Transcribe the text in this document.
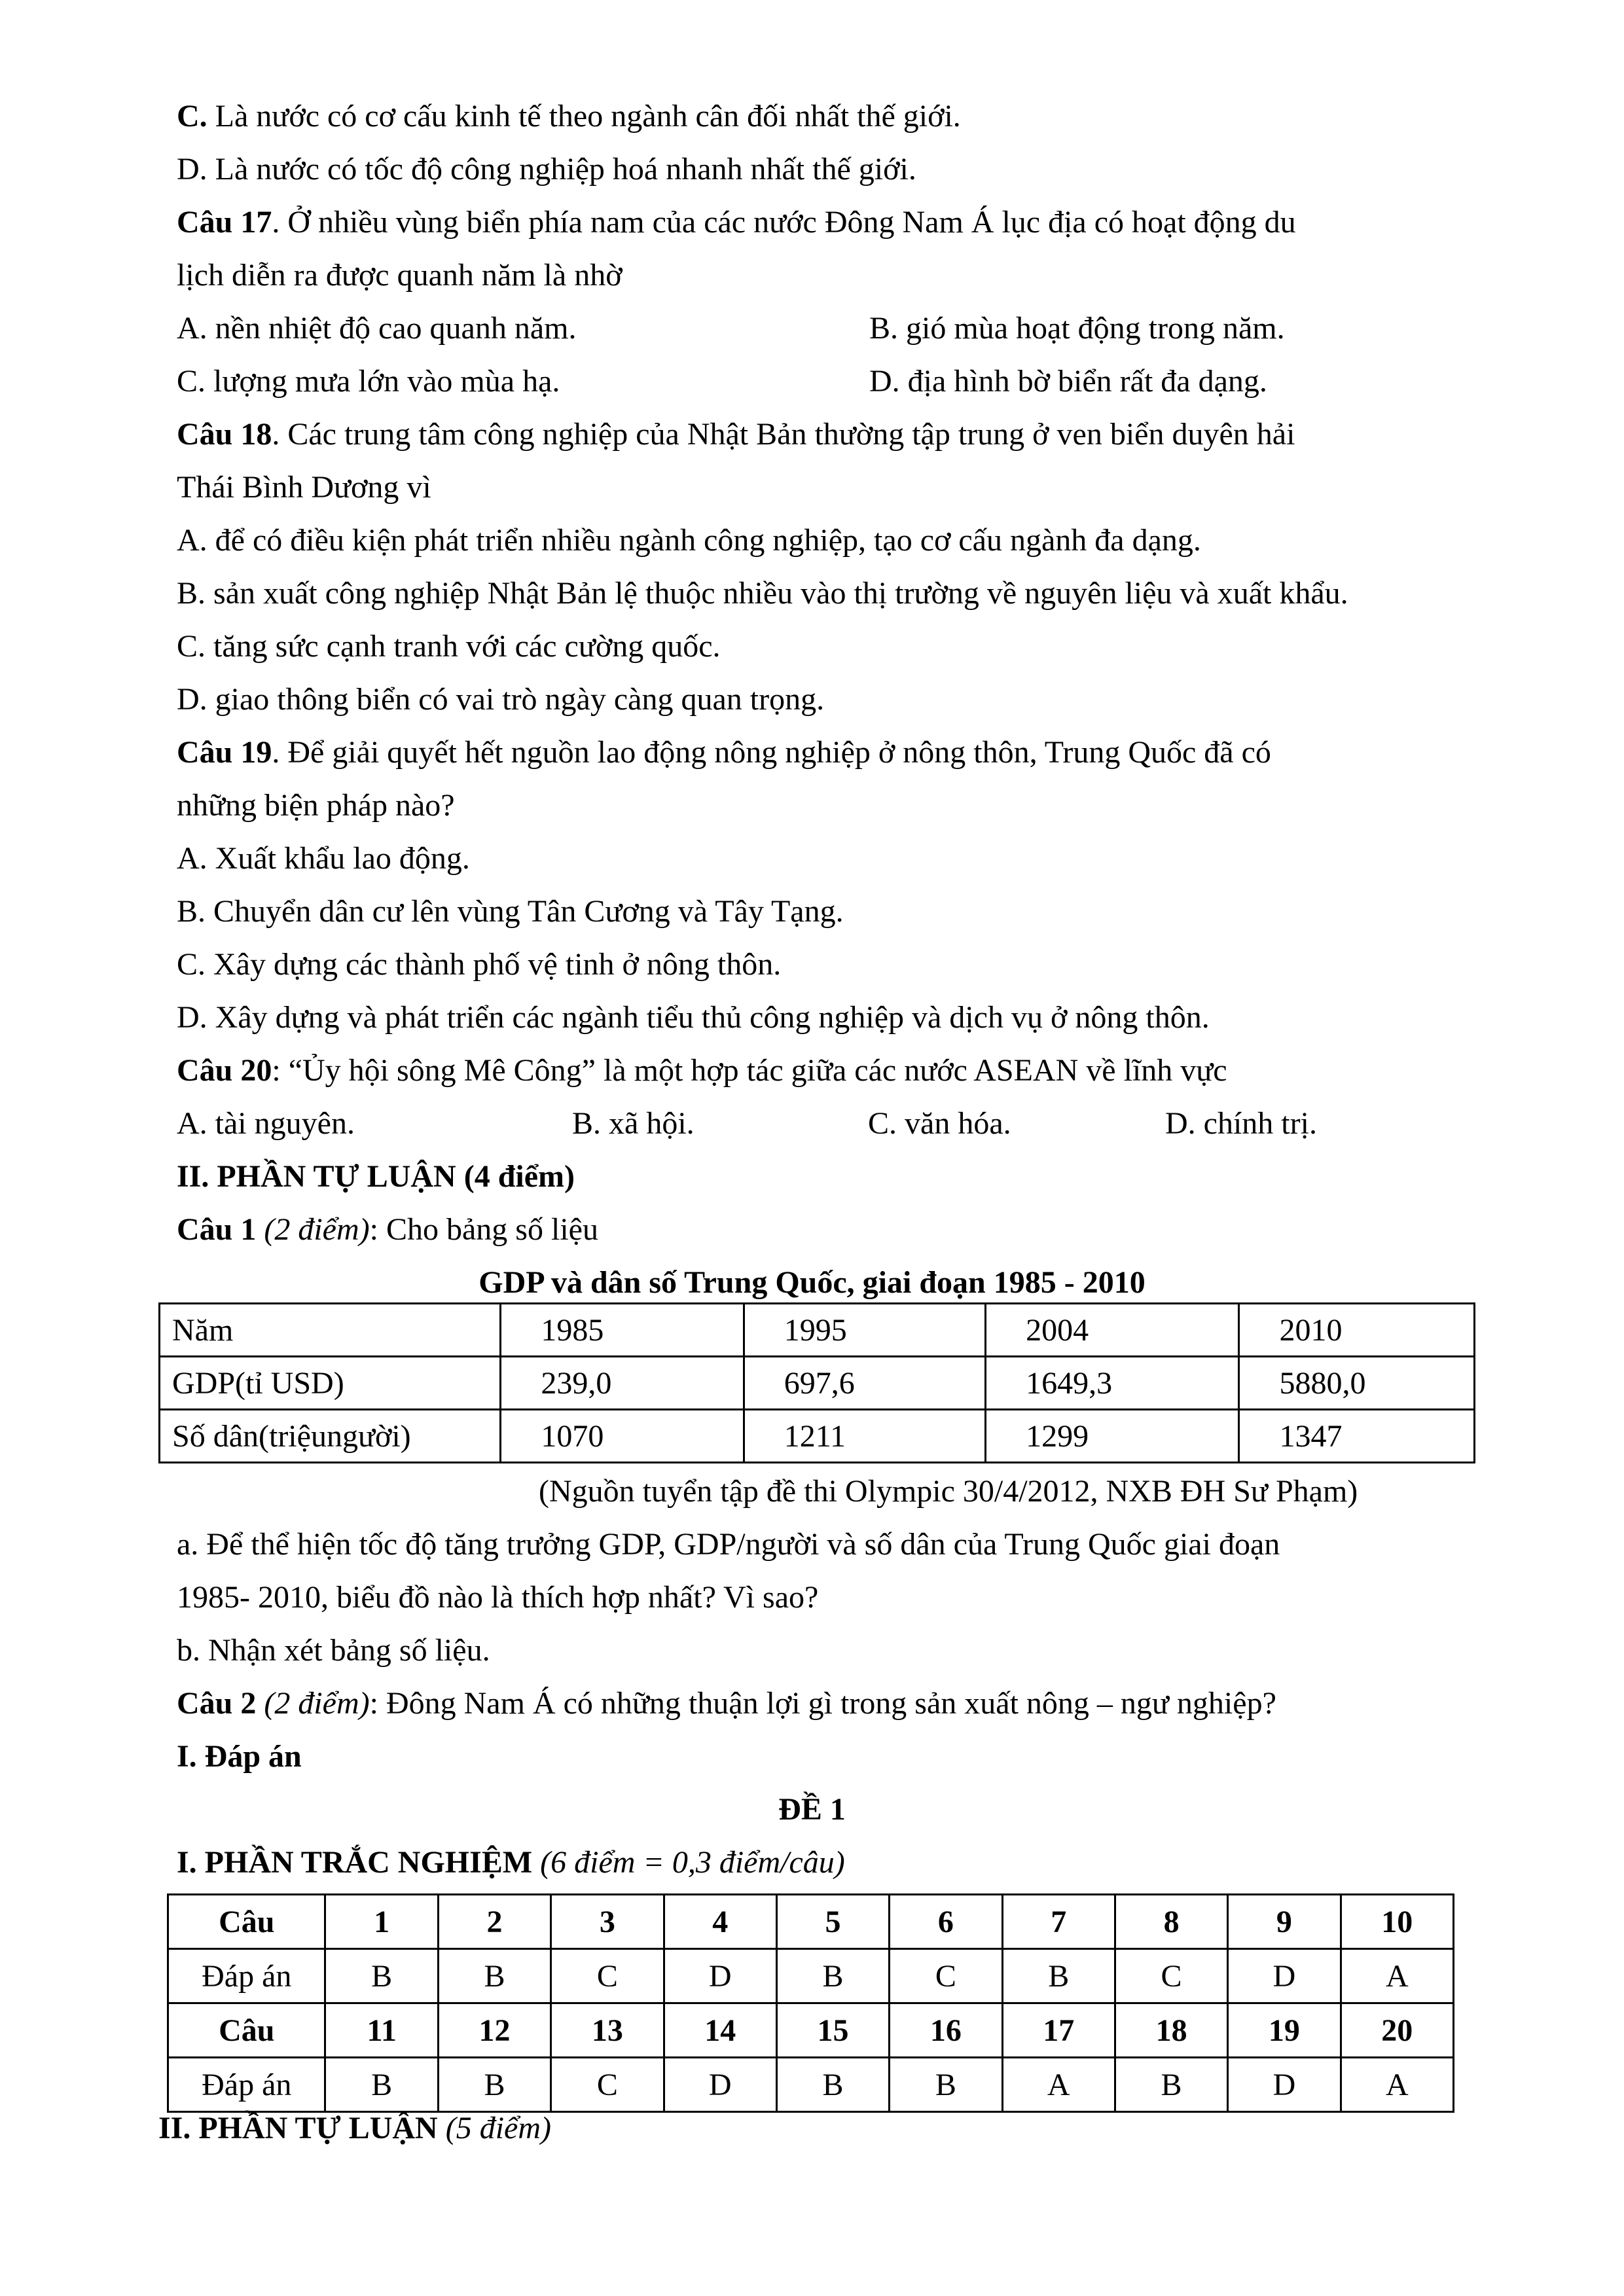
C. Là nước có cơ cấu kinh tế theo ngành cân đối nhất thế giới.
D. Là nước có tốc độ công nghiệp hoá nhanh nhất thế giới.
Câu 17. Ở nhiều vùng biển phía nam của các nước Đông Nam Á lục địa có hoạt động du
lịch diễn ra được quanh năm là nhờ
A. nền nhiệt độ cao quanh năm.	B. gió mùa hoạt động trong năm.
C. lượng mưa lớn vào mùa hạ.	D. địa hình bờ biển rất đa dạng.
Câu 18. Các trung tâm công nghiệp của Nhật Bản thường tập trung ở ven biển duyên hải
Thái Bình Dương vì
A. để có điều kiện phát triển nhiều ngành công nghiệp, tạo cơ cấu ngành đa dạng.
B. sản xuất công nghiệp Nhật Bản lệ thuộc nhiều vào thị trường về nguyên liệu và xuất khẩu.
C. tăng sức cạnh tranh với các cường quốc.
D. giao thông biển có vai trò ngày càng quan trọng.
Câu 19. Để giải quyết hết nguồn lao động nông nghiệp ở nông thôn, Trung Quốc đã có
những biện pháp nào?
A. Xuất khẩu lao động.
B. Chuyển dân cư lên vùng Tân Cương và Tây Tạng.
C. Xây dựng các thành phố vệ tinh ở nông thôn.
D. Xây dựng và phát triển các ngành tiểu thủ công nghiệp và dịch vụ ở nông thôn.
Câu 20: “Ủy hội sông Mê Công” là một hợp tác giữa các nước ASEAN về lĩnh vực
A. tài nguyên.	B. xã hội.	C. văn hóa.	D. chính trị.
II. PHẦN TỰ LUẬN (4 điểm)
Câu 1 (2 điểm): Cho bảng số liệu
GDP và dân số Trung Quốc, giai đoạn 1985 - 2010
Năm	1985	1995	2004	2010
GDP(tỉ USD)	239,0	697,6	1649,3	5880,0
Số dân(triệungười)	1070	1211	1299	1347
(Nguồn tuyển tập đề thi Olympic 30/4/2012, NXB ĐH Sư Phạm)
a. Để thể hiện tốc độ tăng trưởng GDP, GDP/người và số dân của Trung Quốc giai đoạn
1985- 2010, biểu đồ nào là thích hợp nhất? Vì sao?
b. Nhận xét bảng số liệu.
Câu 2 (2 điểm): Đông Nam Á có những thuận lợi gì trong sản xuất nông – ngư nghiệp?
I. Đáp án
ĐỀ 1
I. PHẦN TRẮC NGHIỆM (6 điểm = 0,3 điểm/câu)
Câu	1	2	3	4	5	6	7	8	9	10
Đáp án	B	B	C	D	B	C	B	C	D	A
Câu	11	12	13	14	15	16	17	18	19	20
Đáp án	B	B	C	D	B	B	A	B	D	A
II. PHẦN TỰ LUẬN (5 điểm)
